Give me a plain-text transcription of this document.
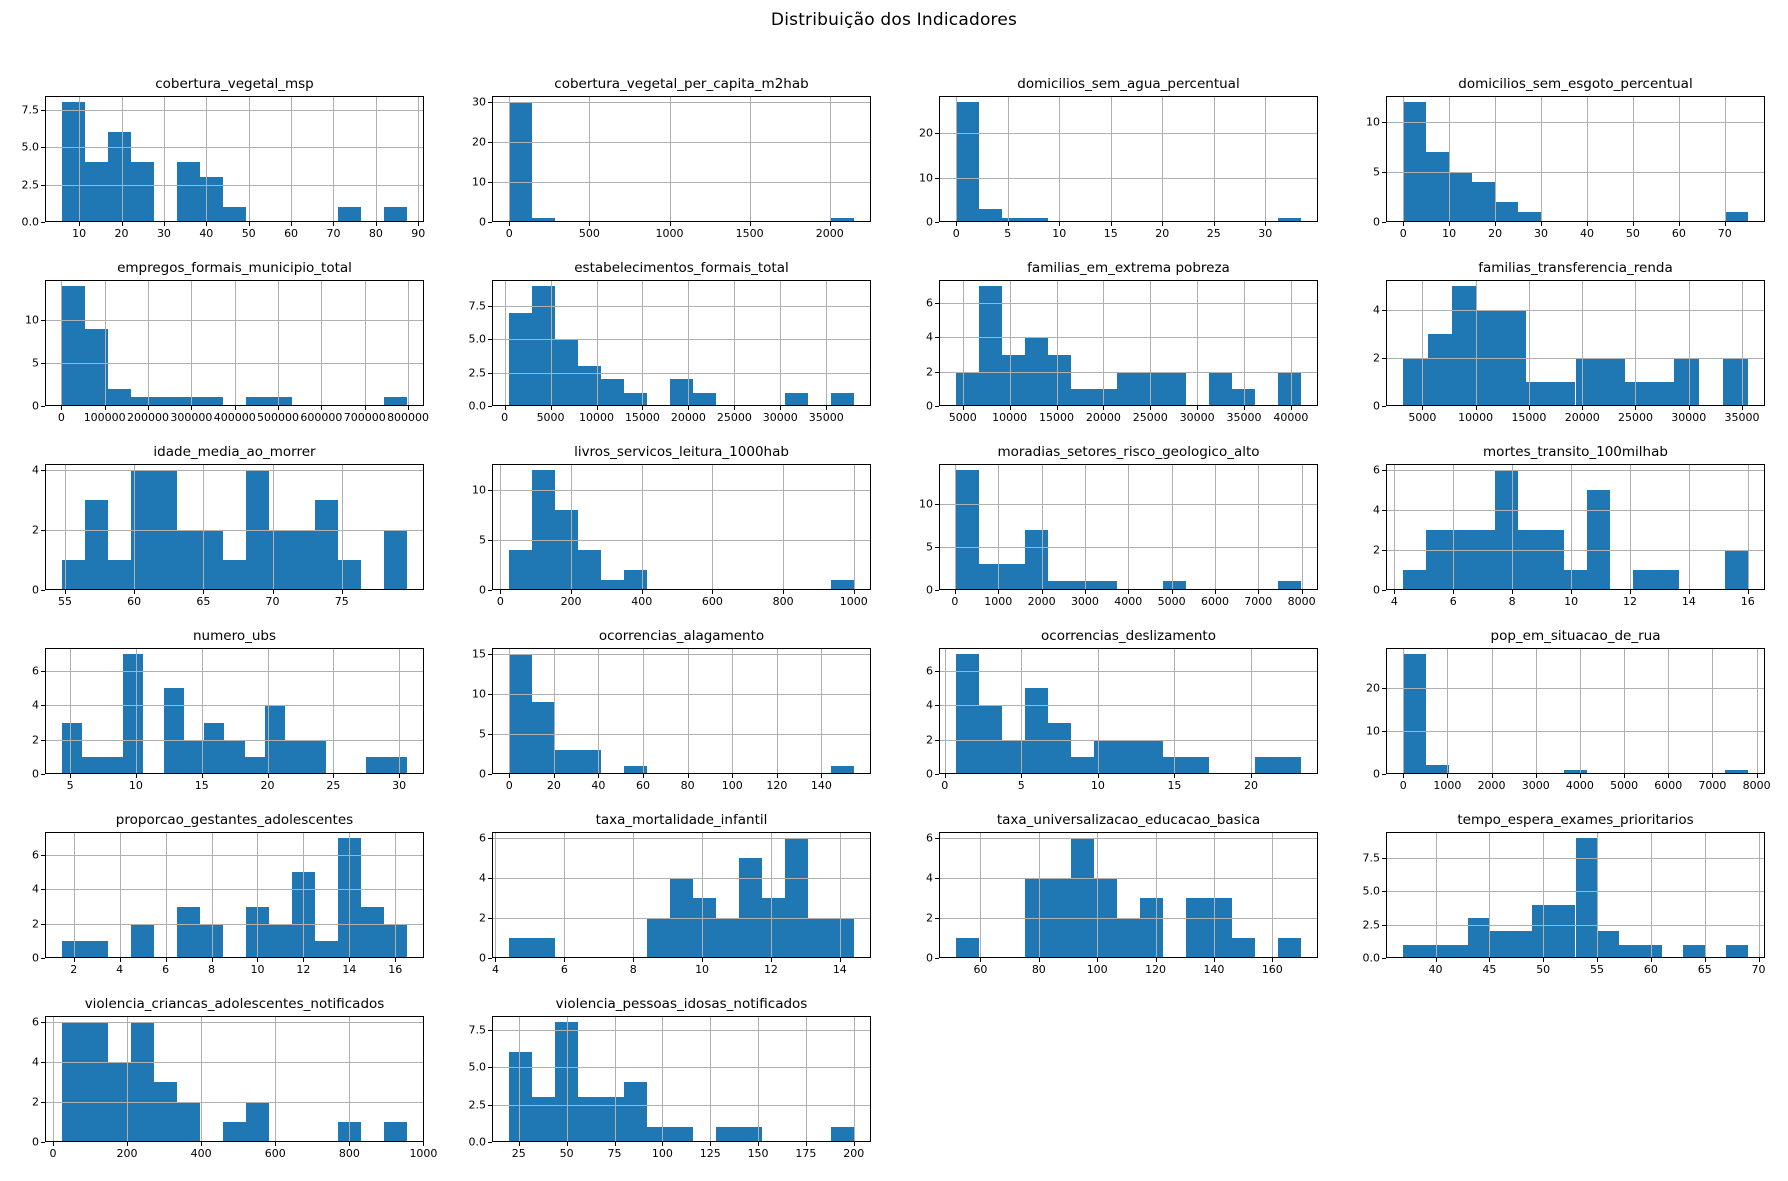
Distribuição dos Indicadores
cobertura_vegetal_msp
10	20	30	40	50	60	70	80	90
0.0
2.5
5.0
7.5
cobertura_vegetal_per_capita_m2hab
0	500	1000	1500	2000
0
10
20
30
domicilios_sem_agua_percentual
0	5	10	15	20	25	30
0
10
20
domicilios_sem_esgoto_percentual
0	10	20	30	40	50	60	70
0
5
10
empregos_formais_municipio_total
0 100000 200000 300000 400000 500000 600000 700000 800000
0
5
10
estabelecimentos_formais_total
0	5000 10000 15000 20000 25000 30000 35000
0.0
2.5
5.0
7.5
familias_em_extrema pobreza
5000 10000 15000 20000 25000 30000 35000 40000
0
2
4
6
familias_transferencia_renda
5000 10000 15000 20000 25000 30000 35000
0
2
4
idade_media_ao_morrer
55	60	65	70	75
0
2
4
livros_servicos_leitura_1000hab
0	200	400	600	800	1000
0
5
10
moradias_setores_risco_geologico_alto
0 1000 2000 3000 4000 5000 6000 7000 8000
0
5
10
mortes_transito_100milhab
4	6	8	10	12	14	16
0
2
4
6
numero_ubs
5	10	15	20	25	30
0
2
4
6
ocorrencias_alagamento
0	20	40	60	80 100 120 140
0
5
10
15
ocorrencias_deslizamento
0	5	10	15	20
0
2
4
6
pop_em_situacao_de_rua
0 1000 2000 3000 4000 5000 6000 7000 8000
0
10
20
proporcao_gestantes_adolescentes
2	4	6	8	10	12	14	16
0
2
4
6
taxa_mortalidade_infantil
4	6	8	10	12	14
0
2
4
6
taxa_universalizacao_educacao_basica
60	80	100	120	140	160
0
2
4
6
tempo_espera_exames_prioritarios
40	45	50	55	60	65	70
0.0
2.5
5.0
7.5
violencia_criancas_adolescentes_notificados
0	200	400	600	800	1000
0
2
4
6
violencia_pessoas_idosas_notificados
25	50	75	100 125 150 175 200
0.0
2.5
5.0
7.5
